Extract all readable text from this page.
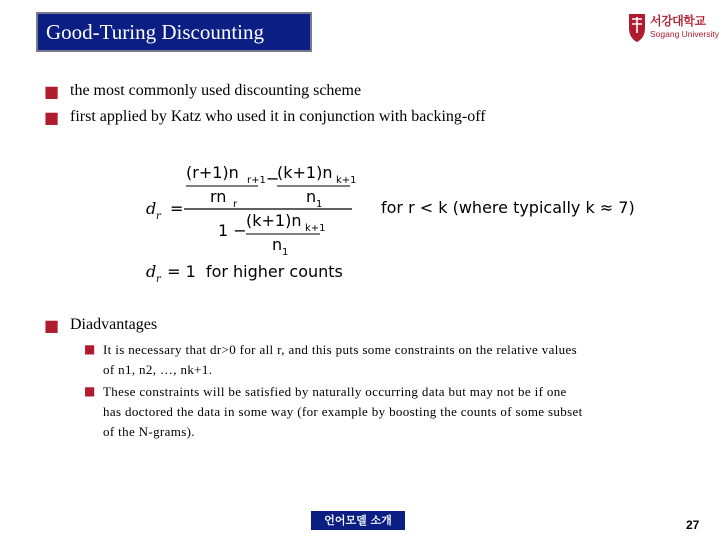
Good-Turing Discounting	서강대학교
Sogang University
■ the most commonly used discounting scheme
■ first applied by Katz who used it in conjunction with backing-off
d r =
(r+1)n r+1 −
(k+1)n k+1
rn r	n 1
1 −
(k+1)n k+1
n 1
for r < k (where typically k ≈ 7)
d r = 1  for higher counts
■ Diadvantages
■ It is necessary that dr>0 for all r, and this puts some constraints on the relative values
of n1, n2, …, nk+1.
■ These constraints will be satisfied by naturally occurring data but may not be if one
has doctored the data in some way (for example by boosting the counts of some subset
of the N-grams).
언어모델 소개	27
